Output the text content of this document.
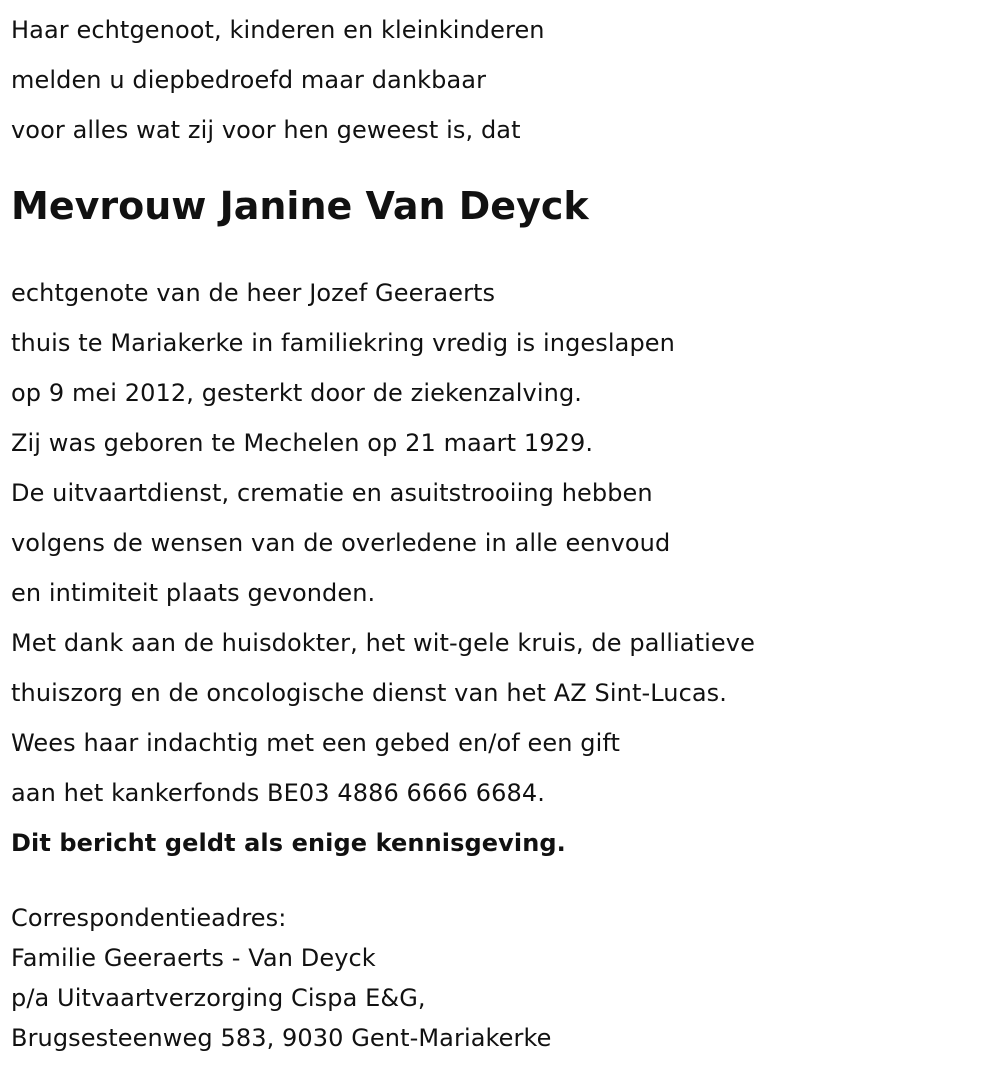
Haar echtgenoot, kinderen en kleinkinderen
melden u diepbedroefd maar dankbaar
voor alles wat zij voor hen geweest is, dat
Mevrouw Janine Van Deyck
echtgenote van de heer Jozef Geeraerts
thuis te Mariakerke in familiekring vredig is ingeslapen
op 9 mei 2012, gesterkt door de ziekenzalving.
Zij was geboren te Mechelen op 21 maart 1929.
De uitvaartdienst, crematie en asuitstrooiing hebben
volgens de wensen van de overledene in alle eenvoud
en intimiteit plaats gevonden.
Met dank aan de huisdokter, het wit-gele kruis, de palliatieve
thuiszorg en de oncologische dienst van het AZ Sint-Lucas.
Wees haar indachtig met een gebed en/of een gift
aan het kankerfonds BE03 4886 6666 6684.
Dit bericht geldt als enige kennisgeving.
Correspondentieadres:
Familie Geeraerts - Van Deyck
p/a Uitvaartverzorging Cispa E&G,
Brugsesteenweg 583, 9030 Gent-Mariakerke
